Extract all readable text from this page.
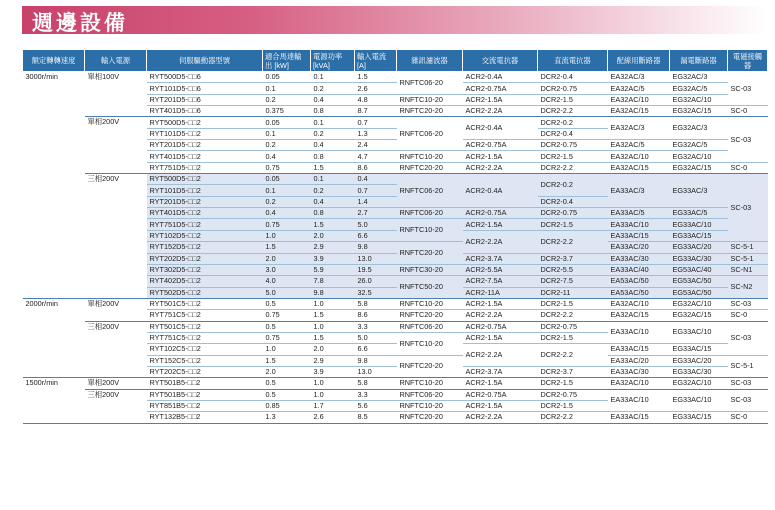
週邊設備
額定轉轉速度	輸入電源	伺服驅動器型號	適合馬達輸出 [kW]	電源功率 [kVA]	輸入電流 [A]	雜訊濾波器	交流電抗器	直流電抗器	配線用斷路器	漏電斷路器	電磁接觸器
3000r/min	單相100V	RYT500D5-□□6	0.05	0.1	1.5	RNFTC06-20	ACR2-0.4A	DCR2-0.4	EA32AC/3	EG32AC/3	SC-03
		RYT101D5-□□6	0.1	0.2	2.6		ACR2-0.75A	DCR2-0.75	EA32AC/5	EG32AC/5	
		RYT201D5-□□6	0.2	0.4	4.8	RNFTC10-20	ACR2-1.5A	DCR2-1.5	EA32AC/10	EG32AC/10	
		RYT401D5-□□6	0.375	0.8	8.7	RNFTC20-20	ACR2-2.2A	DCR2-2.2	EA32AC/15	EG32AC/15	SC-0
	單相200V	RYT500D5-□□2	0.05	0.1	0.7	RNFTC06-20	ACR2-0.4A	DCR2-0.2	EA32AC/3	EG32AC/3	SC-03
		RYT101D5-□□2	0.1	0.2	1.3			DCR2-0.4			
		RYT201D5-□□2	0.2	0.4	2.4		ACR2-0.75A	DCR2-0.75	EA32AC/5	EG32AC/5	
		RYT401D5-□□2	0.4	0.8	4.7	RNFTC10-20	ACR2-1.5A	DCR2-1.5	EA32AC/10	EG32AC/10	
		RYT751D5-□□2	0.75	1.5	8.6	RNFTC20-20	ACR2-2.2A	DCR2-2.2	EA32AC/15	EG32AC/15	SC-0
	三相200V	RYT500D5-□□2	0.05	0.1	0.4	RNFTC06-20	ACR2-0.4A	DCR2-0.2	EA33AC/3	EG33AC/3	SC-03
		RYT101D5-□□2	0.1	0.2	0.7						
		RYT201D5-□□2	0.2	0.4	1.4			DCR2-0.4			
		RYT401D5-□□2	0.4	0.8	2.7	RNFTC06-20	ACR2-0.75A	DCR2-0.75	EA33AC/5	EG33AC/5	
		RYT751D5-□□2	0.75	1.5	5.0	RNFTC10-20	ACR2-1.5A	DCR2-1.5	EA33AC/10	EG33AC/10	
		RYT102D5-□□2	1.0	2.0	6.6		ACR2-2.2A	DCR2-2.2	EA33AC/15	EG33AC/15	
		RYT152D5-□□2	1.5	2.9	9.8	RNFTC20-20			EA33AC/20	EG33AC/20	SC-5-1
		RYT202D5-□□2	2.0	3.9	13.0		ACR2-3.7A	DCR2-3.7	EA33AC/30	EG33AC/30	SC-5-1
		RYT302D5-□□2	3.0	5.9	19.5	RNFTC30-20	ACR2-5.5A	DCR2-5.5	EA33AC/40	EG53AC/40	SC-N1
		RYT402D5-□□2	4.0	7.8	26.0	RNFTC50-20	ACR2-7.5A	DCR2-7.5	EA53AC/50	EG53AC/50	SC-N2
		RYT502D5-□□2	5.0	9.8	32.5		ACR2-11A	DCR2-11	EA53AC/50	EG53AC/50	
2000r/min	單相200V	RYT501C5-□□2	0.5	1.0	5.8	RNFTC10-20	ACR2-1.5A	DCR2-1.5	EA32AC/10	EG32AC/10	SC-03
		RYT751C5-□□2	0.75	1.5	8.6	RNFTC20-20	ACR2-2.2A	DCR2-2.2	EA32AC/15	EG32AC/15	SC-0
	三相200V	RYT501C5-□□2	0.5	1.0	3.3	RNFTC06-20	ACR2-0.75A	DCR2-0.75	EA33AC/10	EG33AC/10	SC-03
		RYT751C5-□□2	0.75	1.5	5.0	RNFTC10-20	ACR2-1.5A	DCR2-1.5			
		RYT102C5-□□2	1.0	2.0	6.6		ACR2-2.2A	DCR2-2.2	EA33AC/15	EG33AC/15	
		RYT152C5-□□2	1.5	2.9	9.8	RNFTC20-20			EA33AC/20	EG33AC/20	SC-5-1
		RYT202C5-□□2	2.0	3.9	13.0		ACR2-3.7A	DCR2-3.7	EA33AC/30	EG33AC/30	
1500r/min	單相200V	RYT501B5-□□2	0.5	1.0	5.8	RNFTC10-20	ACR2-1.5A	DCR2-1.5	EA32AC/10	EG32AC/10	SC-03
	三相200V	RYT501B5-□□2	0.5	1.0	3.3	RNFTC06-20	ACR2-0.75A	DCR2-0.75	EA33AC/10	EG33AC/10	SC-03
		RYT851B5-□□2	0.85	1.7	5.6	RNFTC10-20	ACR2-1.5A	DCR2-1.5			
		RYT132B5-□□2	1.3	2.6	8.5	RNFTC20-20	ACR2-2.2A	DCR2-2.2	EA33AC/15	EG33AC/15	SC-0
